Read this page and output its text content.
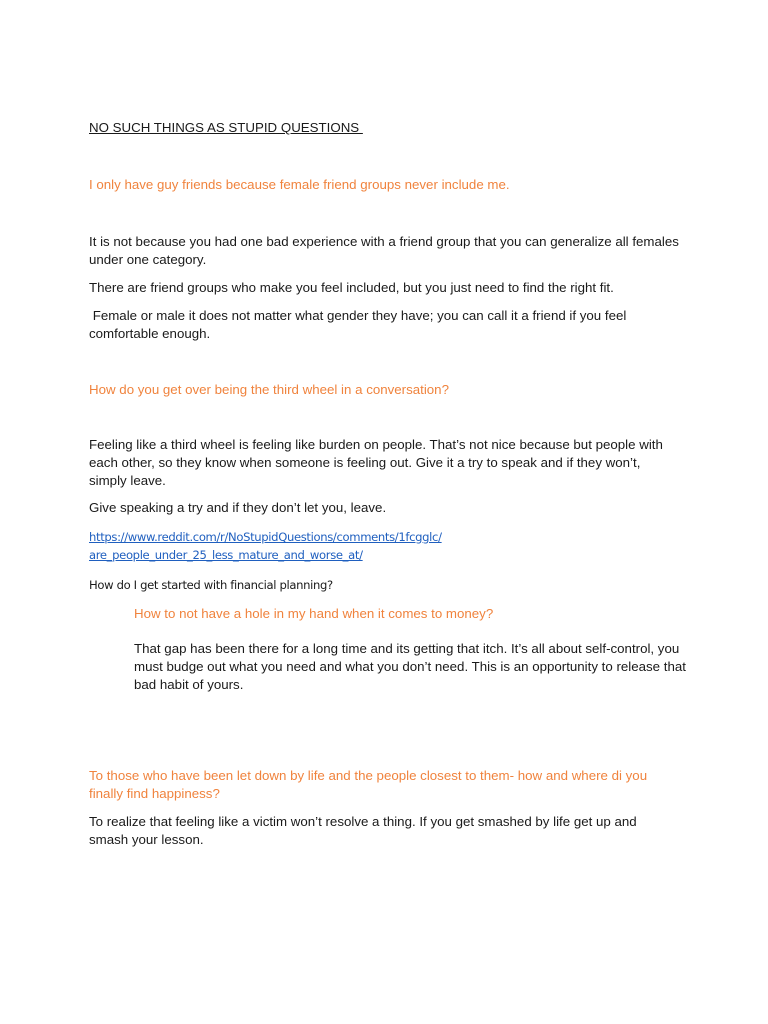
NO SUCH THINGS AS STUPID QUESTIONS

I only have guy friends because female friend groups never include me.

It is not because you had one bad experience with a friend group that you can generalize all females under one category.

There are friend groups who make you feel included, but you just need to find the right fit.

Female or male it does not matter what gender they have; you can call it a friend if you feel comfortable enough.

How do you get over being the third wheel in a conversation?

Feeling like a third wheel is feeling like burden on people. That’s not nice because but people with each other, so they know when someone is feeling out. Give it a try to speak and if they won’t, simply leave.

Give speaking a try and if they don’t let you, leave.

https://www.reddit.com/r/NoStupidQuestions/comments/1fcgglc/
are_people_under_25_less_mature_and_worse_at/

How do I get started with financial planning?

How to not have a hole in my hand when it comes to money?

That gap has been there for a long time and its getting that itch. It’s all about self-control, you must budge out what you need and what you don’t need. This is an opportunity to release that bad habit of yours.

To those who have been let down by life and the people closest to them- how and where di you finally find happiness?

To realize that feeling like a victim won’t resolve a thing. If you get smashed by life get up and smash your lesson.
